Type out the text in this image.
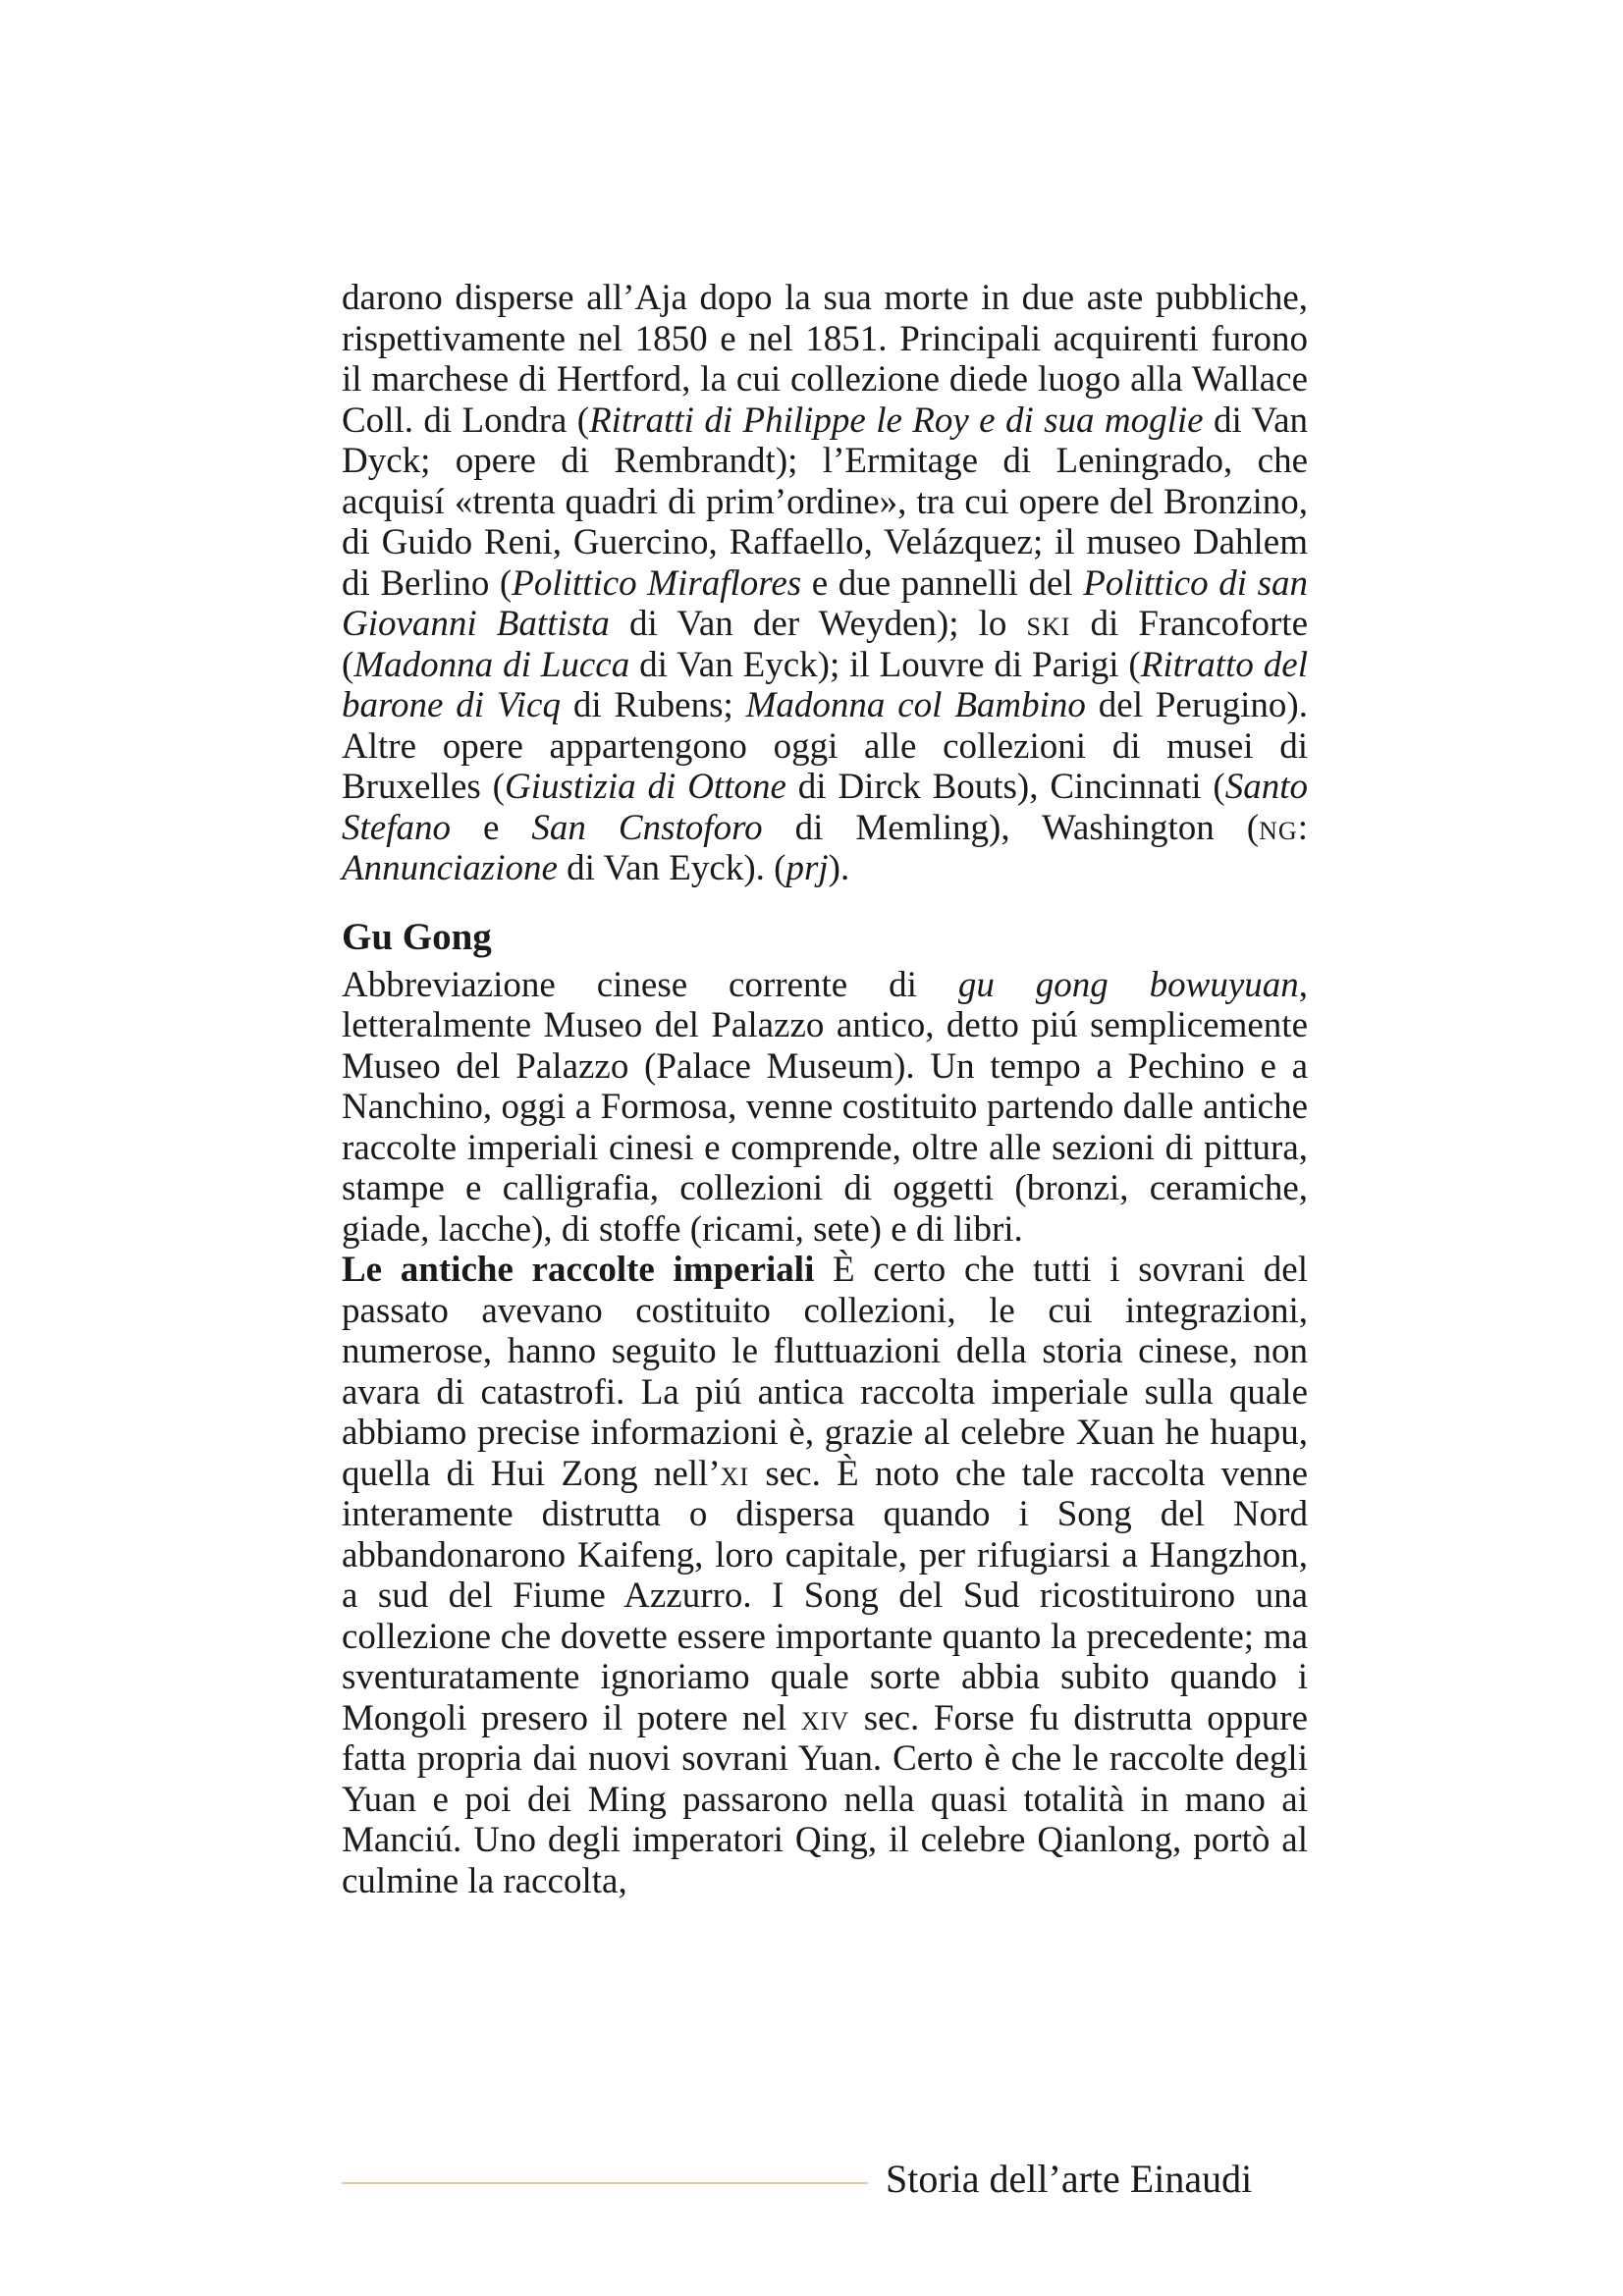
darono disperse all’Aja dopo la sua morte in due aste pubbliche, rispettivamente nel 1850 e nel 1851. Principali acquirenti furono il marchese di Hertford, la cui collezione diede luogo alla Wallace Coll. di Londra (Ritratti di Philippe le Roy e di sua moglie di Van Dyck; opere di Rembrandt); l’Ermitage di Leningrado, che acquisí «trenta quadri di prim’ordine», tra cui opere del Bronzino, di Guido Reni, Guercino, Raffaello, Velázquez; il museo Dahlem di Berlino (Polittico Miraflores e due pannelli del Polittico di san Giovanni Battista di Van der Weyden); lo ski di Francoforte (Madonna di Lucca di Van Eyck); il Louvre di Parigi (Ritratto del barone di Vicq di Rubens; Madonna col Bambino del Perugino). Altre opere appartengono oggi alle collezioni di musei di Bruxelles (Giustizia di Ottone di Dirck Bouts), Cincinnati (Santo Stefano e San Cnstoforo di Memling), Washington (ng: Annunciazione di Van Eyck). (prj).

Gu Gong

Abbreviazione cinese corrente di gu gong bowuyuan, letteralmente Museo del Palazzo antico, detto piú semplicemente Museo del Palazzo (Palace Museum). Un tempo a Pechino e a Nanchino, oggi a Formosa, venne costituito partendo dalle antiche raccolte imperiali cinesi e comprende, oltre alle sezioni di pittura, stampe e calligrafia, collezioni di oggetti (bronzi, ceramiche, giade, lacche), di stoffe (ricami, sete) e di libri.

Le antiche raccolte imperiali È certo che tutti i sovrani del passato avevano costituito collezioni, le cui integrazioni, numerose, hanno seguito le fluttuazioni della storia cinese, non avara di catastrofi. La piú antica raccolta imperiale sulla quale abbiamo precise informazioni è, grazie al celebre Xuan he huapu, quella di Hui Zong nell’xi sec. È noto che tale raccolta venne interamente distrutta o dispersa quando i Song del Nord abbandonarono Kaifeng, loro capitale, per rifugiarsi a Hangzhon, a sud del Fiume Azzurro. I Song del Sud ricostituirono una collezione che dovette essere importante quanto la precedente; ma sventuratamente ignoriamo quale sorte abbia subito quando i Mongoli presero il potere nel xiv sec. Forse fu distrutta oppure fatta propria dai nuovi sovrani Yuan. Certo è che le raccolte degli Yuan e poi dei Ming passarono nella quasi totalità in mano ai Manciú. Uno degli imperatori Qing, il celebre Qianlong, portò al culmine la raccolta,

Storia dell’arte Einaudi
